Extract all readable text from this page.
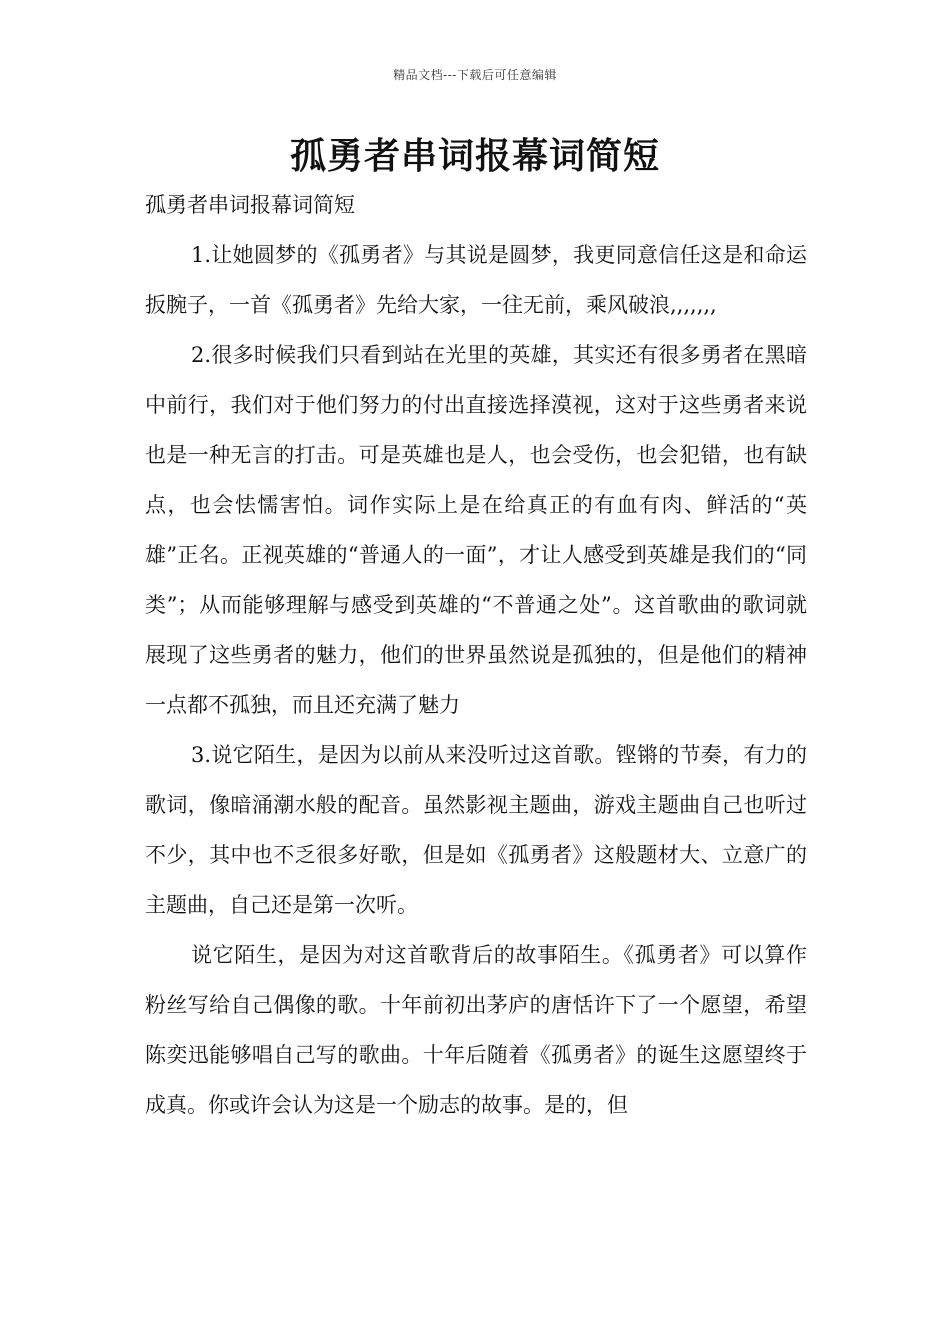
精品文档---下载后可任意编辑
孤勇者串词报幕词简短

孤勇者串词报幕词简短

1.让她圆梦的《孤勇者》与其说是圆梦，我更同意信任这是和命运扳腕子，一首《孤勇者》先给大家，一往无前，乘风破浪,,,,,,,

2.很多时候我们只看到站在光里的英雄，其实还有很多勇者在黑暗中前行，我们对于他们努力的付出直接选择漠视，这对于这些勇者来说也是一种无言的打击。可是英雄也是人，也会受伤，也会犯错，也有缺点，也会怯懦害怕。词作实际上是在给真正的有血有肉、鲜活的“英雄”正名。正视英雄的“普通人的一面”，才让人感受到英雄是我们的“同类”；从而能够理解与感受到英雄的“不普通之处”。这首歌曲的歌词就展现了这些勇者的魅力，他们的世界虽然说是孤独的，但是他们的精神一点都不孤独，而且还充满了魅力

3.说它陌生，是因为以前从来没听过这首歌。铿锵的节奏，有力的歌词，像暗涌潮水般的配音。虽然影视主题曲，游戏主题曲自己也听过不少，其中也不乏很多好歌，但是如《孤勇者》这般题材大、立意广的主题曲，自己还是第一次听。

说它陌生，是因为对这首歌背后的故事陌生。《孤勇者》可以算作粉丝写给自己偶像的歌。十年前初出茅庐的唐恬许下了一个愿望，希望陈奕迅能够唱自己写的歌曲。十年后随着《孤勇者》的诞生这愿望终于成真。你或许会认为这是一个励志的故事。是的，但
